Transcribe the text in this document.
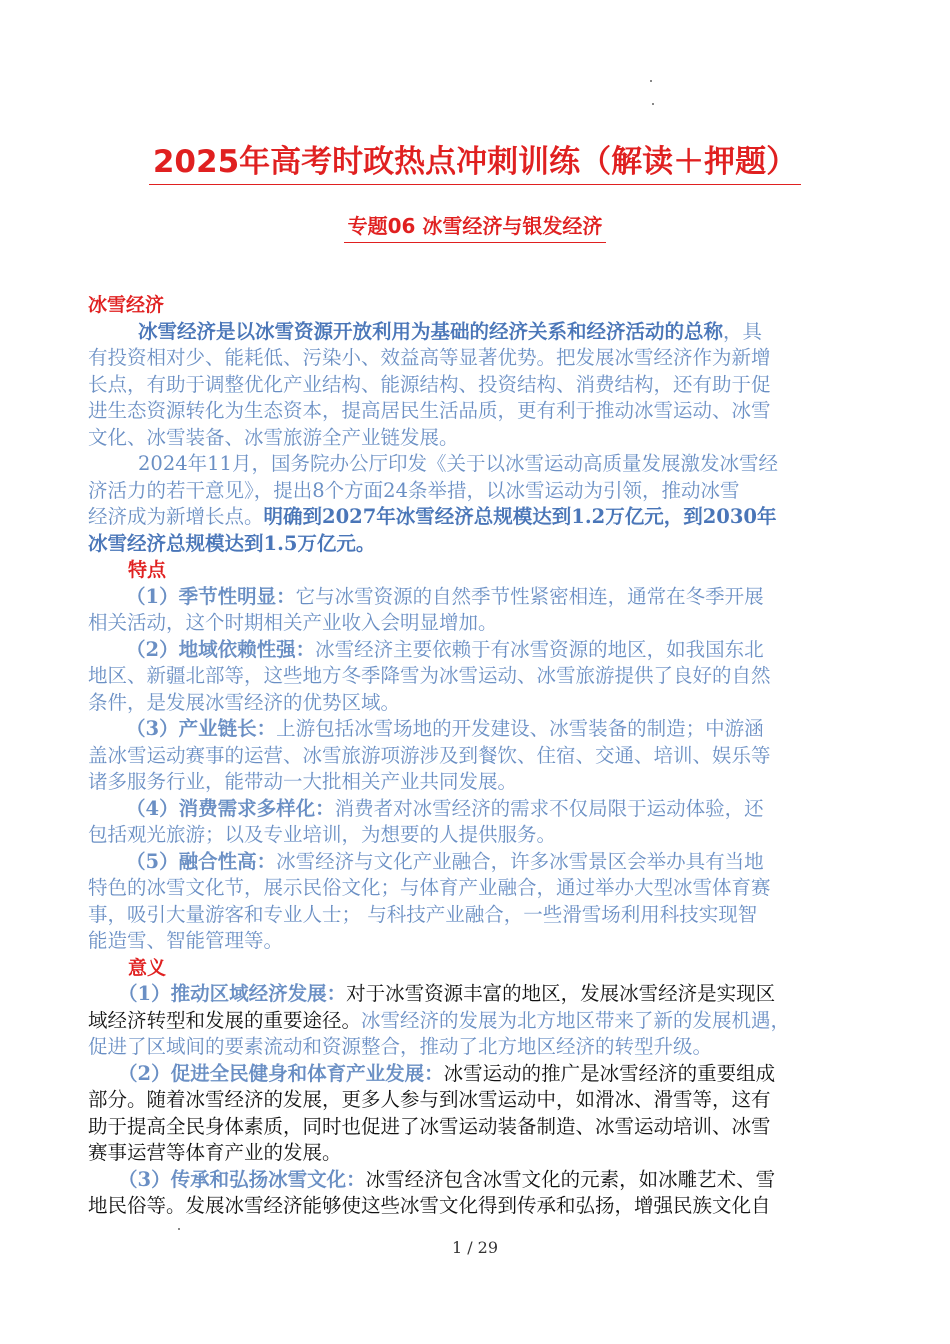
2025年高考时政热点冲刺训练（解读＋押题）
专题06 冰雪经济与银发经济
冰雪经济
冰雪经济是以冰雪资源开放利用为基础的经济关系和经济活动的总称，具
有投资相对少、能耗低、污染小、效益高等显著优势。把发展冰雪经济作为新增
长点，有助于调整优化产业结构、能源结构、投资结构、消费结构，还有助于促
进生态资源转化为生态资本，提高居民生活品质，更有利于推动冰雪运动、冰雪
文化、冰雪装备、冰雪旅游全产业链发展。
2024年11月，国务院办公厅印发《关于以冰雪运动高质量发展激发冰雪经
济活力的若干意见》，提出8个方面24条举措，以冰雪运动为引领，推动冰雪
经济成为新增长点。明确到2027年冰雪经济总规模达到1.2万亿元，到2030年
冰雪经济总规模达到1.5万亿元。
特点
（1）季节性明显：它与冰雪资源的自然季节性紧密相连，通常在冬季开展
相关活动，这个时期相关产业收入会明显增加。
（2）地域依赖性强：冰雪经济主要依赖于有冰雪资源的地区，如我国东北
地区、新疆北部等，这些地方冬季降雪为冰雪运动、冰雪旅游提供了良好的自然
条件，是发展冰雪经济的优势区域。
（3）产业链长：上游包括冰雪场地的开发建设、冰雪装备的制造；中游涵
盖冰雪运动赛事的运营、冰雪旅游项游涉及到餐饮、住宿、交通、培训、娱乐等
诸多服务行业，能带动一大批相关产业共同发展。
（4）消费需求多样化：消费者对冰雪经济的需求不仅局限于运动体验，还
包括观光旅游；以及专业培训，为想要的人提供服务。
（5）融合性高：冰雪经济与文化产业融合，许多冰雪景区会举办具有当地
特色的冰雪文化节，展示民俗文化；与体育产业融合，通过举办大型冰雪体育赛
事，吸引大量游客和专业人士； 与科技产业融合，一些滑雪场利用科技实现智
能造雪、智能管理等。
意义
（1）推动区域经济发展：对于冰雪资源丰富的地区，发展冰雪经济是实现区
域经济转型和发展的重要途径。冰雪经济的发展为北方地区带来了新的发展机遇，
促进了区域间的要素流动和资源整合，推动了北方地区经济的转型升级。
（2）促进全民健身和体育产业发展：冰雪运动的推广是冰雪经济的重要组成
部分。随着冰雪经济的发展，更多人参与到冰雪运动中，如滑冰、滑雪等，这有
助于提高全民身体素质，同时也促进了冰雪运动装备制造、冰雪运动培训、冰雪
赛事运营等体育产业的发展。
（3）传承和弘扬冰雪文化：冰雪经济包含冰雪文化的元素，如冰雕艺术、雪
地民俗等。发展冰雪经济能够使这些冰雪文化得到传承和弘扬，增强民族文化自
1 / 29
